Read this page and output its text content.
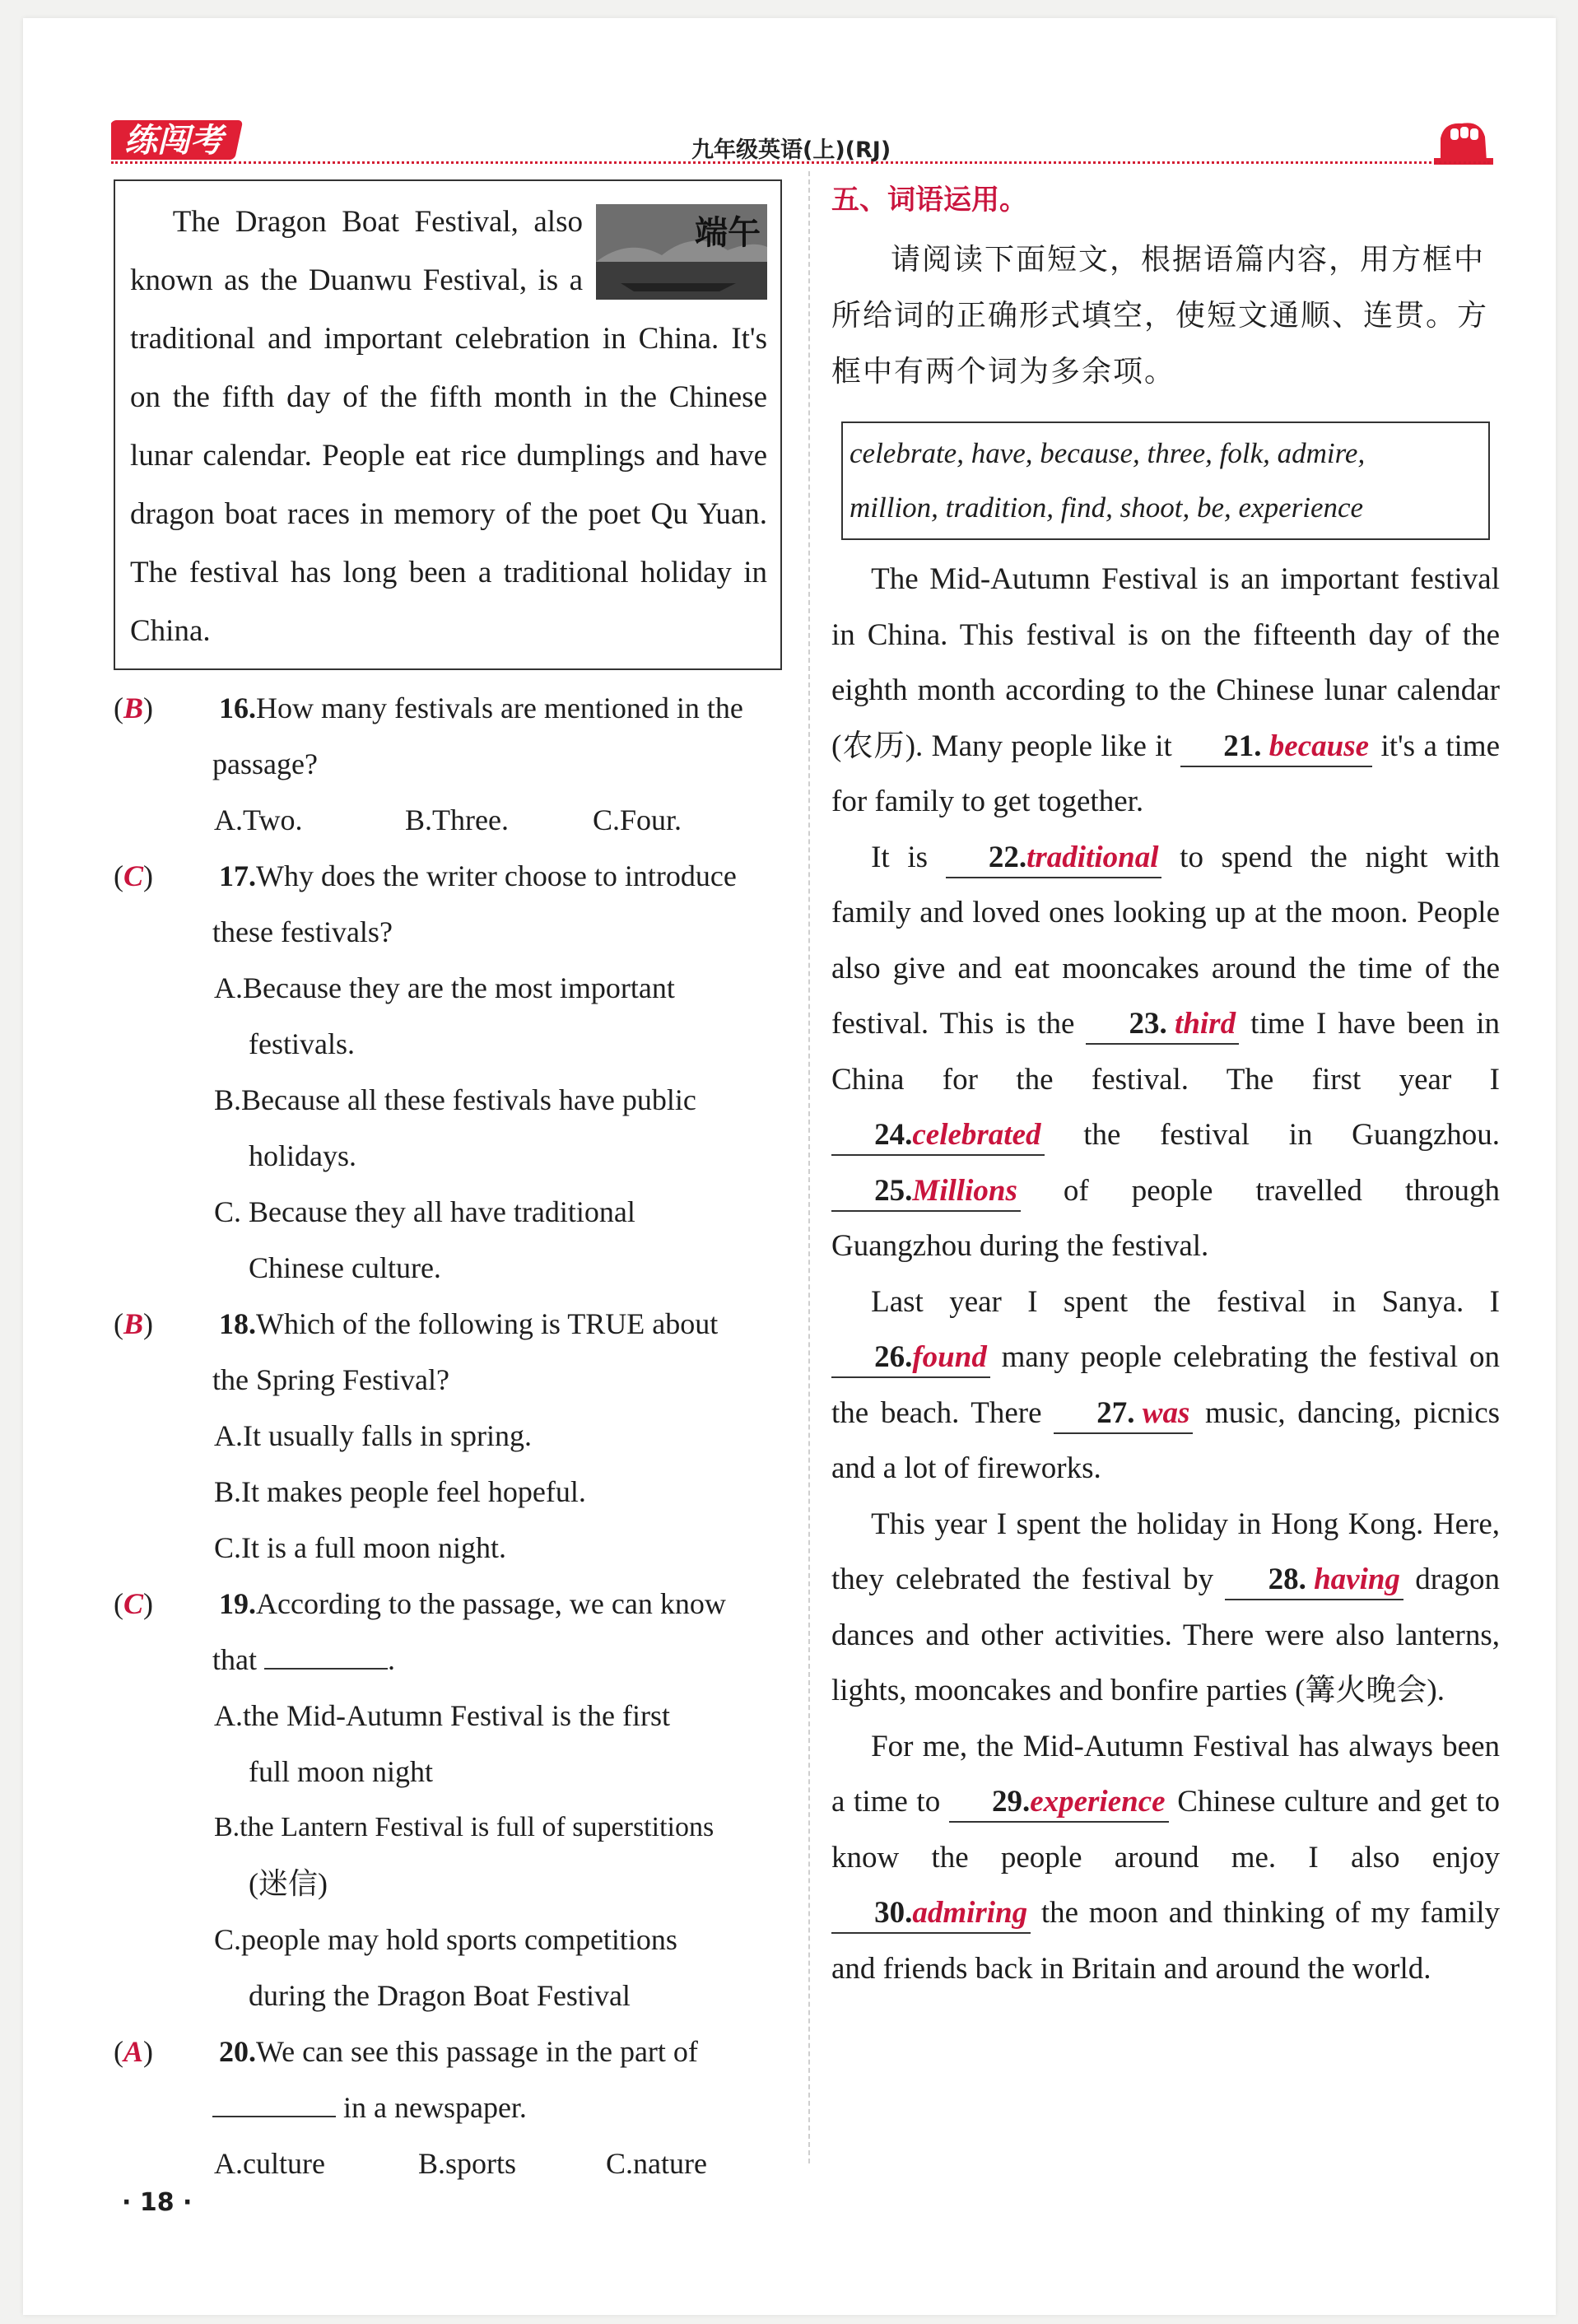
练闯考	九年级英语(上)(RJ)
端午

The Dragon Boat Festival, also known as the Duanwu Festival, is a traditional and important celebration in China. It's on the fifth day of the fifth month in the Chinese lunar calendar. People eat rice dumplings and have dragon boat races in memory of the poet Qu Yuan. The festival has long been a traditional holiday in China.

(B)	16.How many festivals are mentioned in the
passage?
A.Two.	B.Three.	C.Four.
(C)	17.Why does the writer choose to introduce
these festivals?
A.Because they are the most important
festivals.
B.Because all these festivals have public
holidays.
C. Because they all have traditional
Chinese culture.
(B)	18.Which of the following is TRUE about
the Spring Festival?
A.It usually falls in spring.
B.It makes people feel hopeful.
C.It is a full moon night.
(C)	19.According to the passage, we can know
that	.
A.the Mid-Autumn Festival is the first
full moon night
B.the Lantern Festival is full of superstitions
(迷信)
C.people may hold sports competitions
during the Dragon Boat Festival
(A)	20.We can see this passage in the part of
in a newspaper.
A.culture	B.sports	C.nature
· 18 ·
五、词语运用。
请阅读下面短文，根据语篇内容，用方框中所给词的正确形式填空，使短文通顺、连贯。方框中有两个词为多余项。
celebrate, have, because, three, folk, admire,
million, tradition, find, shoot, be, experience

The Mid-Autumn Festival is an important festival in China. This festival is on the fifteenth day of the eighth month according to the Chinese lunar calendar (农历). Many people like it 21. because it's a time for family to get together.

It is 22.traditional to spend the night with family and loved ones looking up at the moon. People also give and eat mooncakes around the time of the festival. This is the 23. third time I have been in China for the festival. The first year I 24.celebrated the festival in Guangzhou. 25.Millions of people travelled through Guangzhou during the festival.

Last year I spent the festival in Sanya. I 26.found many people celebrating the festival on the beach. There 27. was music, dancing, picnics and a lot of fireworks.

This year I spent the holiday in Hong Kong. Here, they celebrated the festival by 28. having dragon dances and other activities. There were also lanterns, lights, mooncakes and bonfire parties (篝火晚会).

For me, the Mid-Autumn Festival has always been a time to 29.experience Chinese culture and get to know the people around me. I also enjoy 30.admiring the moon and thinking of my family and friends back in Britain and around the world.
